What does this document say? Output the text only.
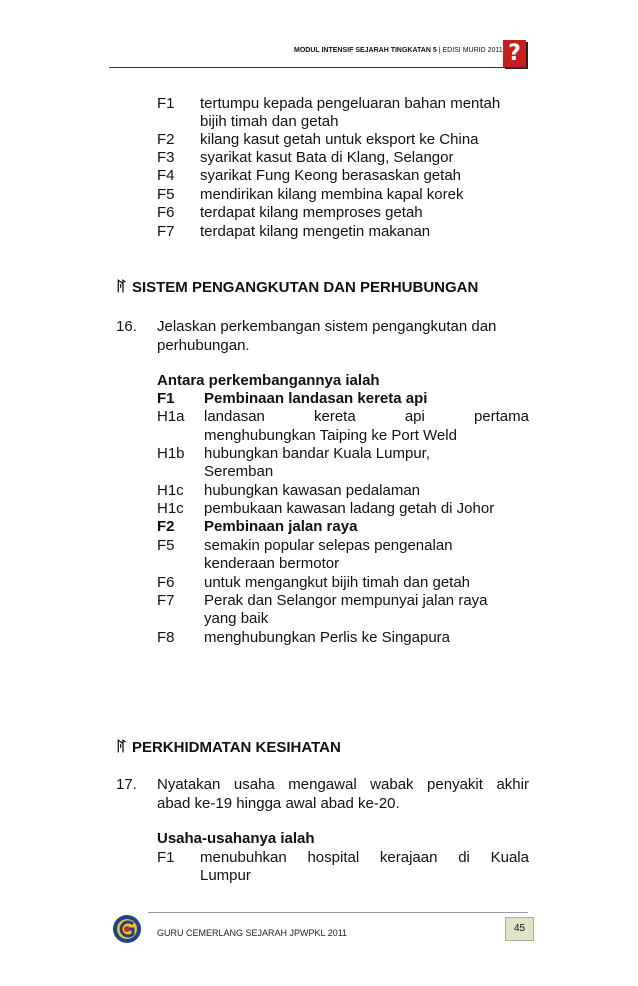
MODUL INTENSIF SEJARAH TINGKATAN 5 | EDISI MURID 2011 ?
F1 tertumpu kepada pengeluaran bahan mentah
bijih timah dan getah
F2 kilang kasut getah untuk eksport ke China
F3 syarikat kasut Bata di Klang, Selangor
F4 syarikat Fung Keong berasaskan getah
F5 mendirikan kilang membina kapal korek
F6 terdapat kilang memproses getah
F7 terdapat kilang mengetin makanan
ꊮ SISTEM PENGANGKUTAN DAN PERHUBUNGAN
16. Jelaskan perkembangan sistem pengangkutan dan
perhubungan.
Antara perkembangannya ialah
F1 Pembinaan landasan kereta api
H1a landasan	kereta	api	pertama
menghubungkan Taiping ke Port Weld
H1b hubungkan bandar Kuala Lumpur,
Seremban
H1c hubungkan kawasan pedalaman
H1c pembukaan kawasan ladang getah di Johor
F2 Pembinaan jalan raya
F5 semakin popular selepas pengenalan
kenderaan bermotor
F6 untuk mengangkut bijih timah dan getah
F7 Perak dan Selangor mempunyai jalan raya
yang baik
F8 menghubungkan Perlis ke Singapura
ꊮ PERKHIDMATAN KESIHATAN
17. Nyatakan usaha mengawal wabak penyakit akhir
abad ke-19 hingga awal abad ke-20.
Usaha-usahanya ialah
F1 menubuhkan hospital kerajaan di Kuala
Lumpur
GURU CEMERLANG SEJARAH JPWPKL 2011	45
